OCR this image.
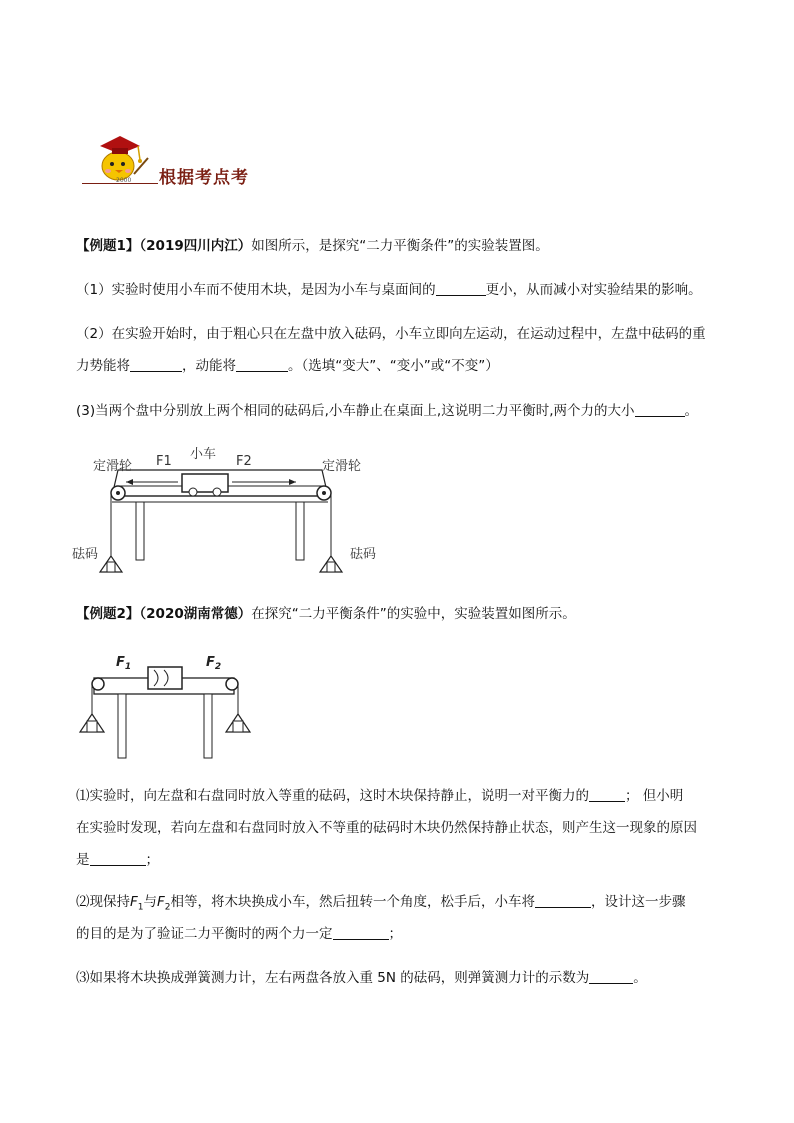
2000 根据考点考
【例题1】（2019四川内江）如图所示，是探究“二力平衡条件”的实验装置图。
（1）实验时使用小车而不使用木块，是因为小车与桌面间的	更小，从而减小对实验结果的影响。
（2）在实验开始时，由于粗心只在左盘中放入砝码，小车立即向左运动，在运动过程中，左盘中砝码的重
力势能将	，动能将	。（选填“变大”、“变小”或“不变”）
(3)当两个盘中分别放上两个相同的砝码后,小车静止在桌面上,这说明二力平衡时,两个力的大小	。
定滑轮	定滑轮
小车
F1	F2
砝码	砝码
【例题2】（2020湖南常德）在探究“二力平衡条件”的实验中，实验装置如图所示。
$F_1$	$F_2$
⑴实验时，向左盘和右盘同时放入等重的砝码，这时木块保持静止，说明一对平衡力的	； 但小明
在实验时发现，若向左盘和右盘同时放入不等重的砝码时木块仍然保持静止状态，则产生这一现象的原因
是	；
⑵现保持$F_1$与$F_2$相等，将木块换成小车，然后扭转一个角度，松手后，小车将	，设计这一步骤
的目的是为了验证二力平衡时的两个力一定	；
⑶如果将木块换成弹簧测力计，左右两盘各放入重 5N 的砝码，则弹簧测力计的示数为	。
